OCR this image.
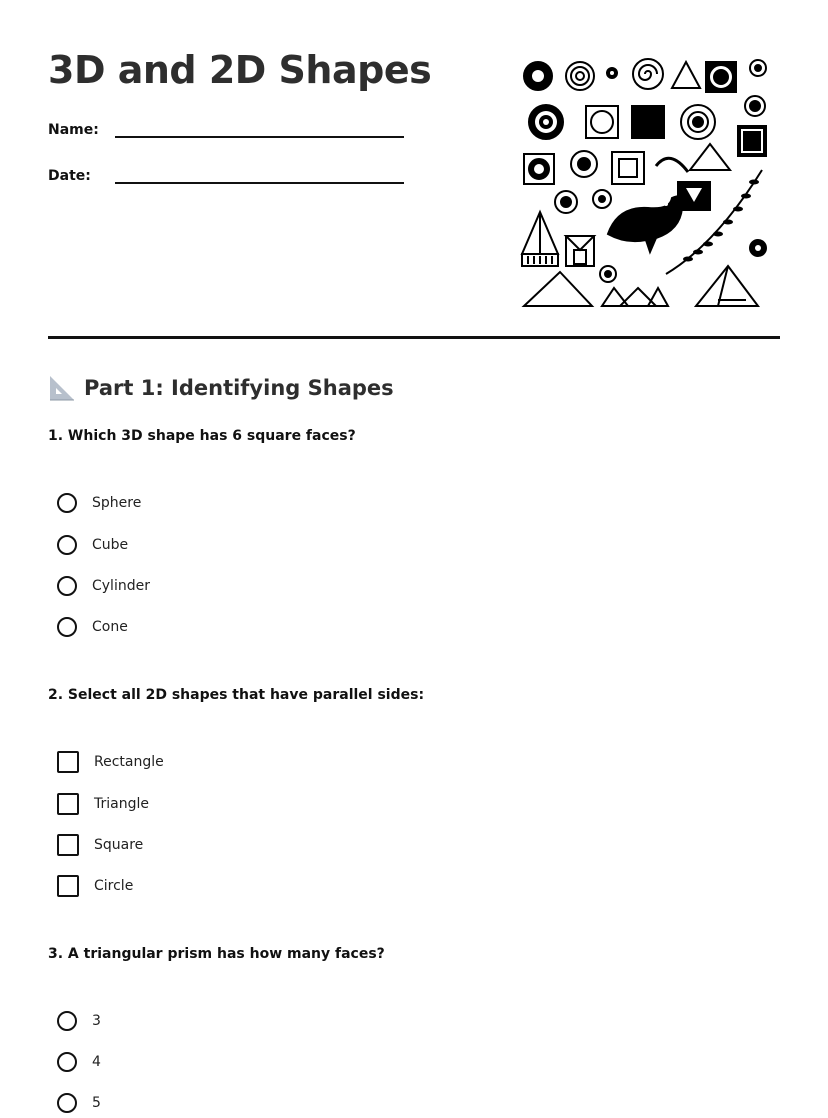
3D and 2D Shapes
Name:
Date:
Part 1: Identifying Shapes

1. Which 3D shape has 6 square faces?

Sphere
Cube
Cylinder
Cone

2. Select all 2D shapes that have parallel sides:

Rectangle
Triangle
Square
Circle

3. A triangular prism has how many faces?

3
4
5
